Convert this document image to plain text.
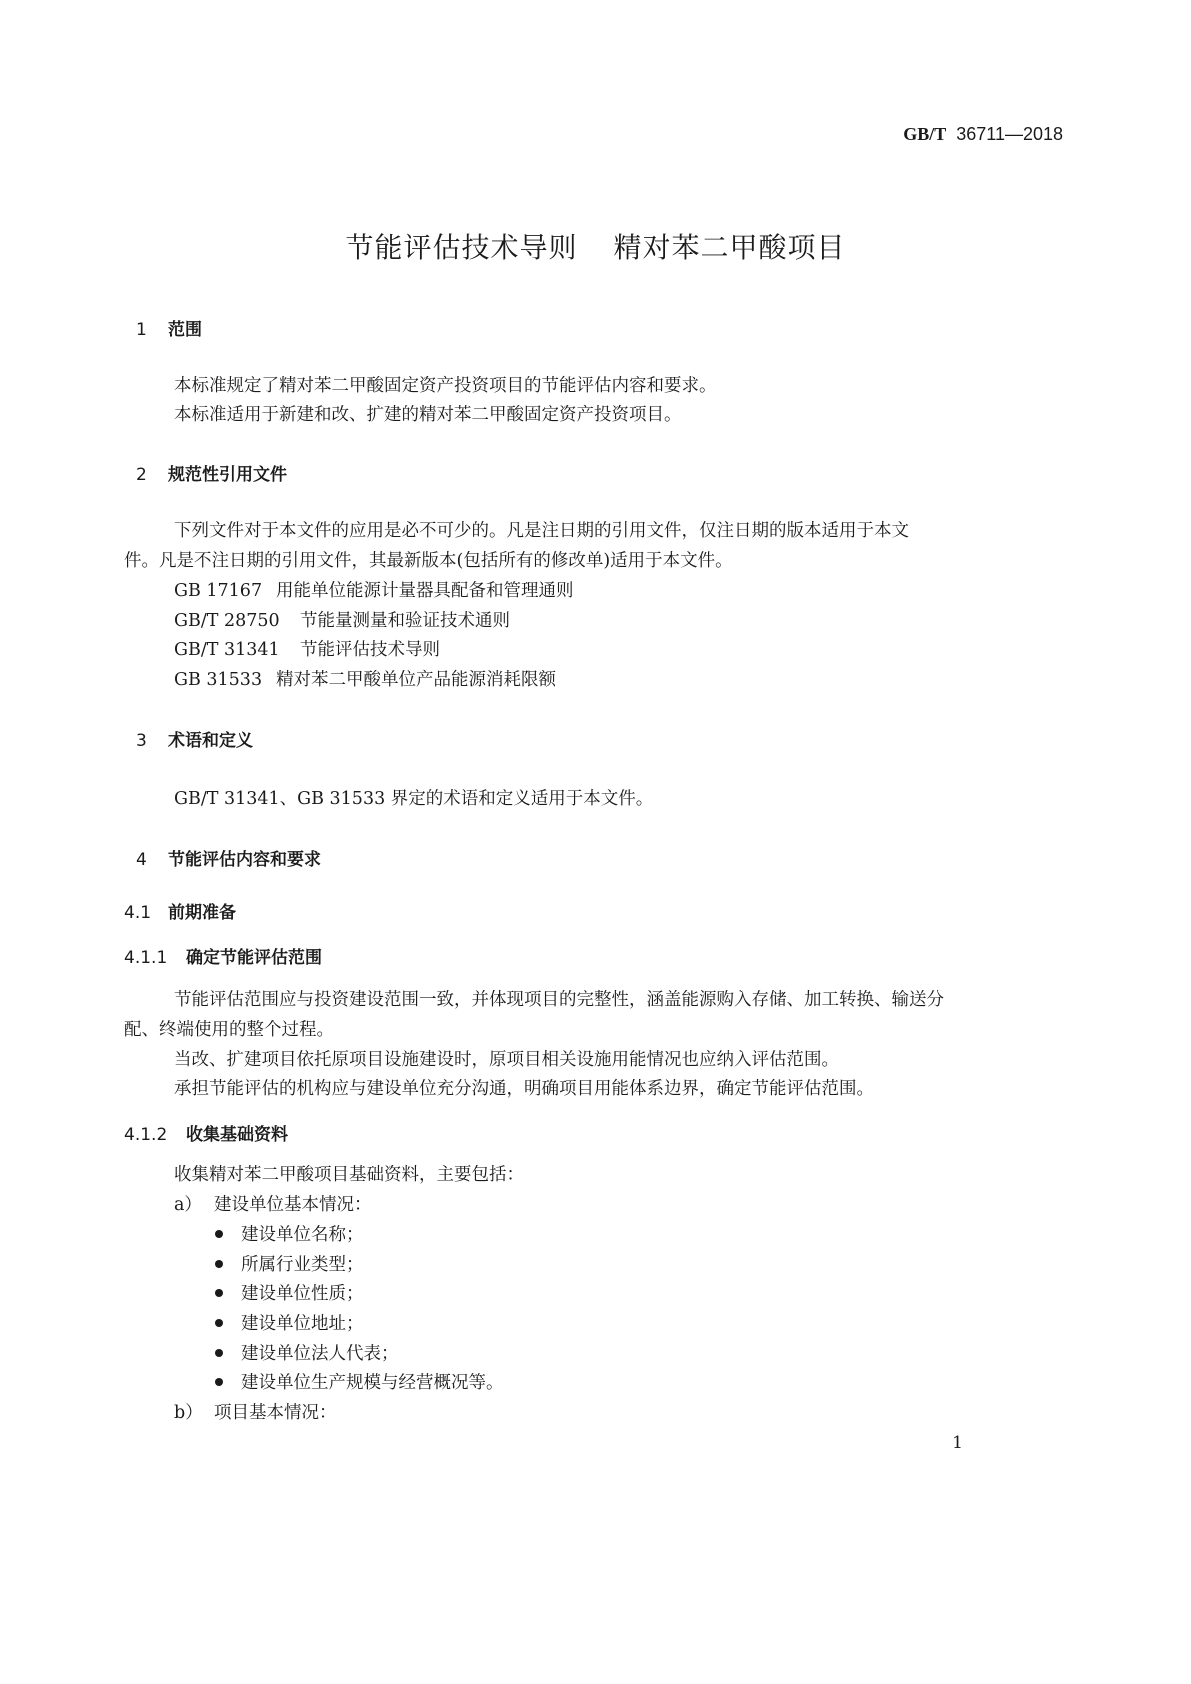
GB/T 36711—2018
节能评估技术导则 精对苯二甲酸项目
1 范围
本标准规定了精对苯二甲酸固定资产投资项目的节能评估内容和要求。
本标准适用于新建和改、扩建的精对苯二甲酸固定资产投资项目。
2 规范性引用文件
下列文件对于本文件的应用是必不可少的。凡是注日期的引用文件，仅注日期的版本适用于本文
件。凡是不注日期的引用文件，其最新版本(包括所有的修改单)适用于本文件。
GB 17167 用能单位能源计量器具配备和管理通则
GB/T 28750 节能量测量和验证技术通则
GB/T 31341 节能评估技术导则
GB 31533 精对苯二甲酸单位产品能源消耗限额
3 术语和定义
GB/T 31341、GB 31533 界定的术语和定义适用于本文件。
4 节能评估内容和要求
4.1 前期准备
4.1.1 确定节能评估范围
节能评估范围应与投资建设范围一致，并体现项目的完整性，涵盖能源购入存储、加工转换、输送分
配、终端使用的整个过程。
当改、扩建项目依托原项目设施建设时，原项目相关设施用能情况也应纳入评估范围。
承担节能评估的机构应与建设单位充分沟通，明确项目用能体系边界，确定节能评估范围。
4.1.2 收集基础资料
收集精对苯二甲酸项目基础资料，主要包括：
a） 建设单位基本情况：
建设单位名称；
所属行业类型；
建设单位性质；
建设单位地址；
建设单位法人代表；
建设单位生产规模与经营概况等。
b） 项目基本情况：
1
